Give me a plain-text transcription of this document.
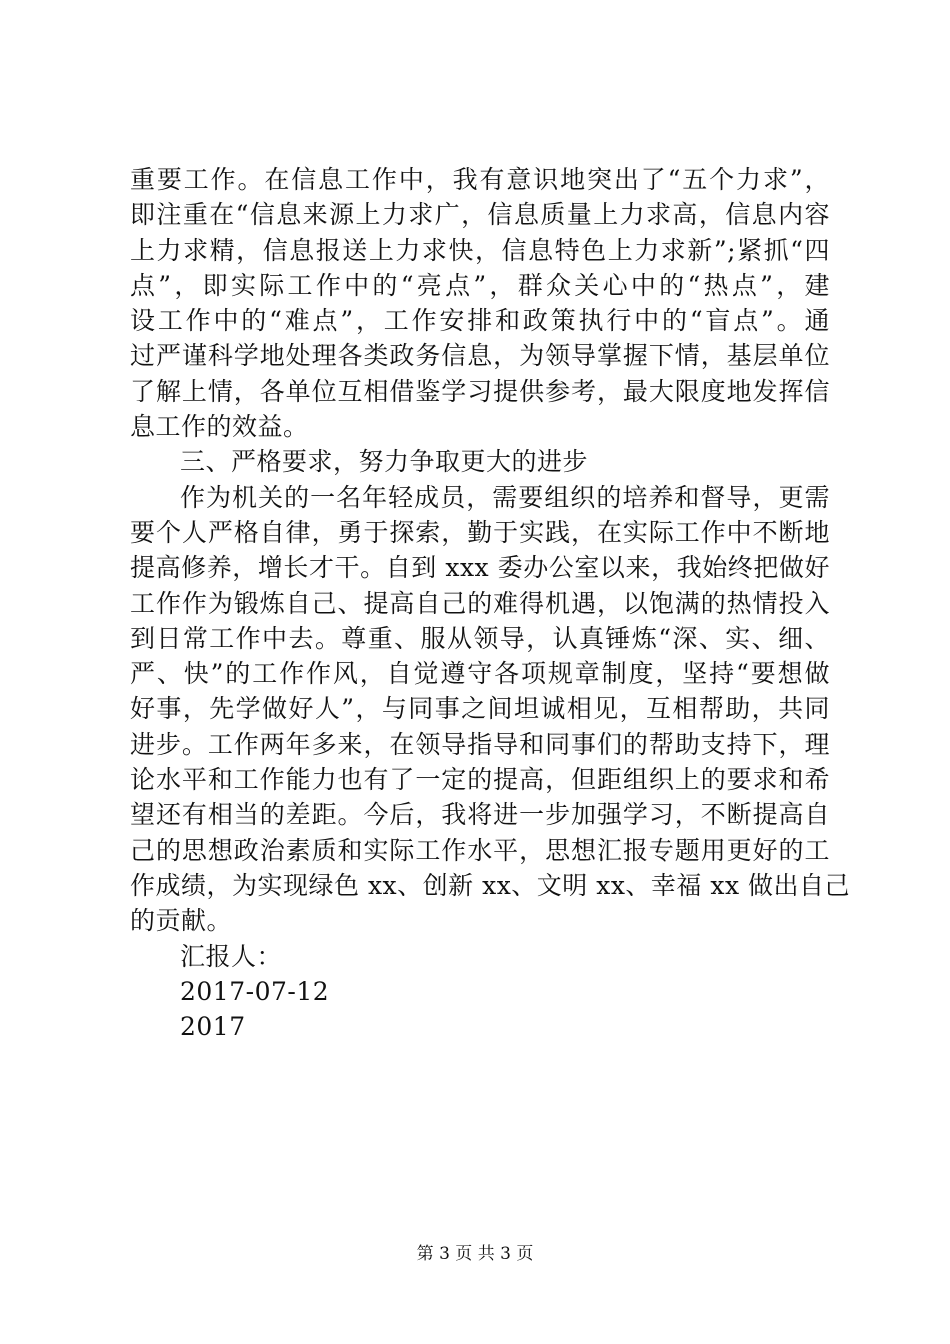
重要工作。在信息工作中，我有意识地突出了“五个力求”，
即注重在“信息来源上力求广，信息质量上力求高，信息内容
上力求精，信息报送上力求快，信息特色上力求新”;紧抓“四
点”，即实际工作中的“亮点”，群众关心中的“热点”，建
设工作中的“难点”，工作安排和政策执行中的“盲点”。通
过严谨科学地处理各类政务信息，为领导掌握下情，基层单位
了解上情，各单位互相借鉴学习提供参考，最大限度地发挥信
息工作的效益。
三、严格要求，努力争取更大的进步
作为机关的一名年轻成员，需要组织的培养和督导，更需
要个人严格自律，勇于探索，勤于实践，在实际工作中不断地
提高修养，增长才干。自到 xxx 委办公室以来，我始终把做好
工作作为锻炼自己、提高自己的难得机遇，以饱满的热情投入
到日常工作中去。尊重、服从领导，认真锤炼“深、实、细、
严、快”的工作作风，自觉遵守各项规章制度，坚持“要想做
好事，先学做好人”，与同事之间坦诚相见，互相帮助，共同
进步。工作两年多来，在领导指导和同事们的帮助支持下，理
论水平和工作能力也有了一定的提高，但距组织上的要求和希
望还有相当的差距。今后，我将进一步加强学习，不断提高自
己的思想政治素质和实际工作水平，思想汇报专题用更好的工
作成绩，为实现绿色 xx、创新 xx、文明 xx、幸福 xx 做出自己
的贡献。
汇报人：
2017-07-12
2017
第 3 页 共 3 页
